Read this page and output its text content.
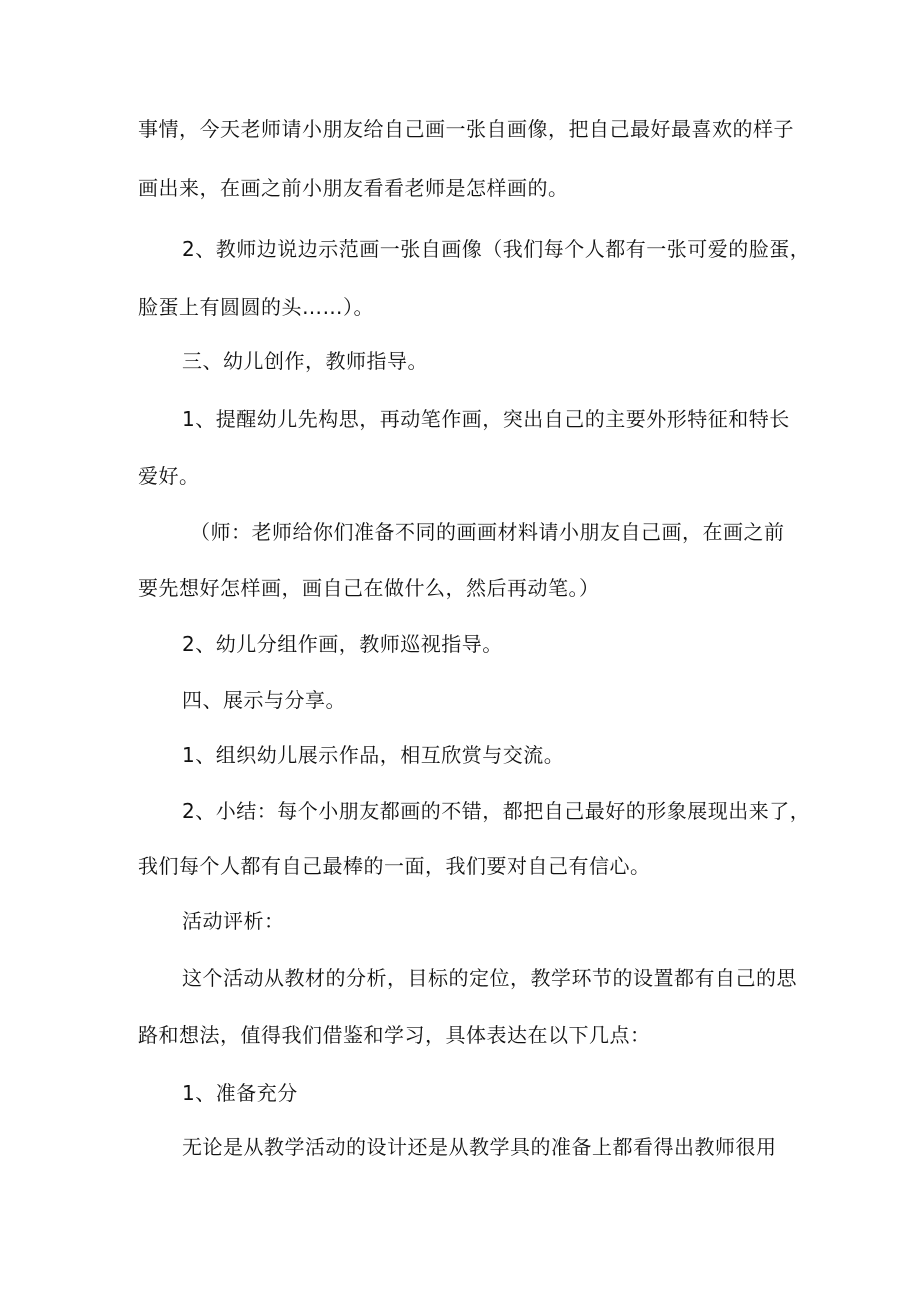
事情，今天老师请小朋友给自己画一张自画像，把自己最好最喜欢的样子
画出来，在画之前小朋友看看老师是怎样画的。
2、教师边说边示范画一张自画像（我们每个人都有一张可爱的脸蛋，
脸蛋上有圆圆的头……）。
三、幼儿创作，教师指导。
1、提醒幼儿先构思，再动笔作画，突出自己的主要外形特征和特长
爱好。
（师：老师给你们准备不同的画画材料请小朋友自己画，在画之前
要先想好怎样画，画自己在做什么，然后再动笔。）
2、幼儿分组作画，教师巡视指导。
四、展示与分享。
1、组织幼儿展示作品，相互欣赏与交流。
2、小结：每个小朋友都画的不错，都把自己最好的形象展现出来了，
我们每个人都有自己最棒的一面，我们要对自己有信心。
活动评析：
这个活动从教材的分析，目标的定位，教学环节的设置都有自己的思
路和想法，值得我们借鉴和学习，具体表达在以下几点：
1、准备充分
无论是从教学活动的设计还是从教学具的准备上都看得出教师很用
